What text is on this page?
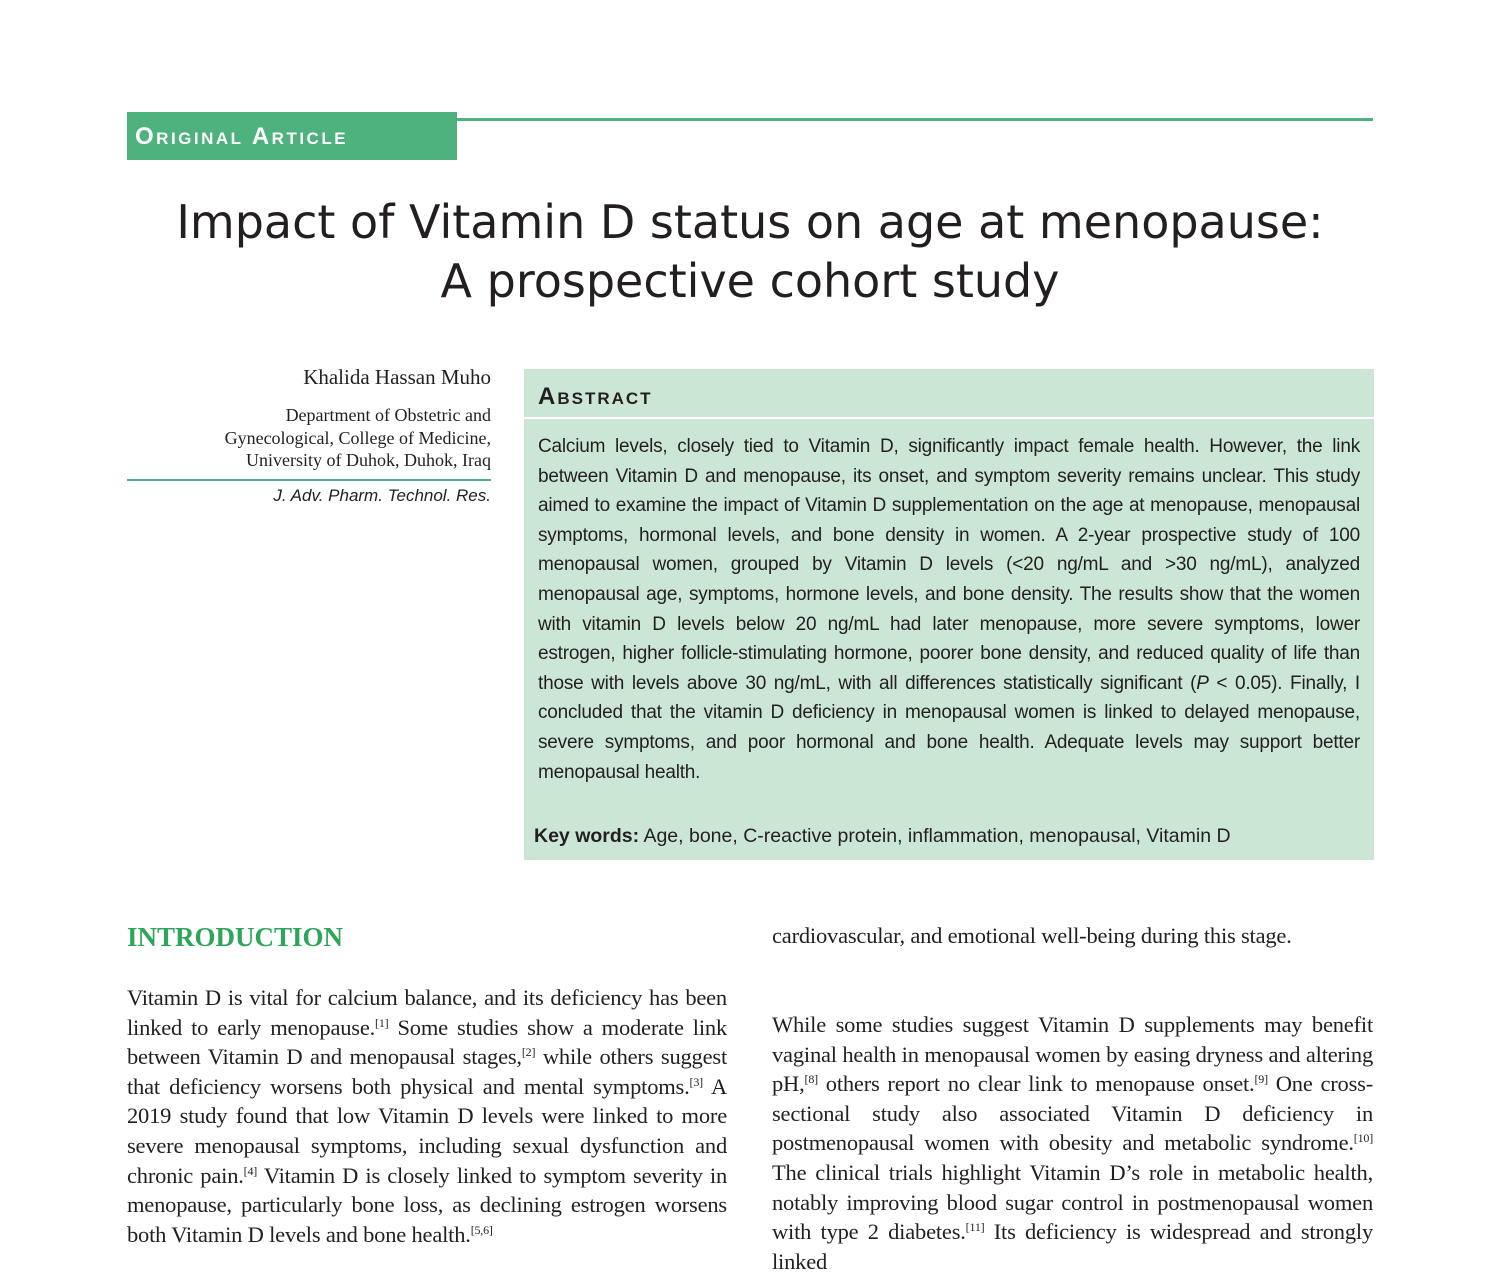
Original Article
Impact of Vitamin D status on age at menopause:
A prospective cohort study
Khalida Hassan Muho
Department of Obstetric and
Gynecological, College of Medicine,
University of Duhok, Duhok, Iraq
J. Adv. Pharm. Technol. Res.
Abstract

Calcium levels, closely tied to Vitamin D, significantly impact female health. However, the link between Vitamin D and menopause, its onset, and symptom severity remains unclear. This study aimed to examine the impact of Vitamin D supplementation on the age at menopause, menopausal symptoms, hormonal levels, and bone density in women. A 2-year prospective study of 100 menopausal women, grouped by Vitamin D levels (<20 ng/mL and >30 ng/mL), analyzed menopausal age, symptoms, hormone levels, and bone density. The results show that the women with vitamin D levels below 20 ng/mL had later menopause, more severe symptoms, lower estrogen, higher follicle-stimulating hormone, poorer bone density, and reduced quality of life than those with levels above 30 ng/mL, with all differences statistically significant (P < 0.05). Finally, I concluded that the vitamin D deficiency in menopausal women is linked to delayed menopause, severe symptoms, and poor hormonal and bone health. Adequate levels may support better menopausal health.

Key words: Age, bone, C-reactive protein, inflammation, menopausal, Vitamin D
INTRODUCTION

Vitamin D is vital for calcium balance, and its deficiency has been linked to early menopause.[1] Some studies show a moderate link between Vitamin D and menopausal stages,[2] while others suggest that deficiency worsens both physical and mental symptoms.[3] A 2019 study found that low Vitamin D levels were linked to more severe menopausal symptoms, including sexual dysfunction and chronic pain.[4] Vitamin D is closely linked to symptom severity in menopause, particularly bone loss, as declining estrogen worsens both Vitamin D levels and bone health.[5,6]

cardiovascular, and emotional well-being during this stage.

While some studies suggest Vitamin D supplements may benefit vaginal health in menopausal women by easing dryness and altering pH,[8] others report no clear link to menopause onset.[9] One cross-sectional study also associated Vitamin D deficiency in postmenopausal women with obesity and metabolic syndrome.[10] The clinical trials highlight Vitamin D’s role in metabolic health, notably improving blood sugar control in postmenopausal women with type 2 diabetes.[11] Its deficiency is widespread and strongly linked
